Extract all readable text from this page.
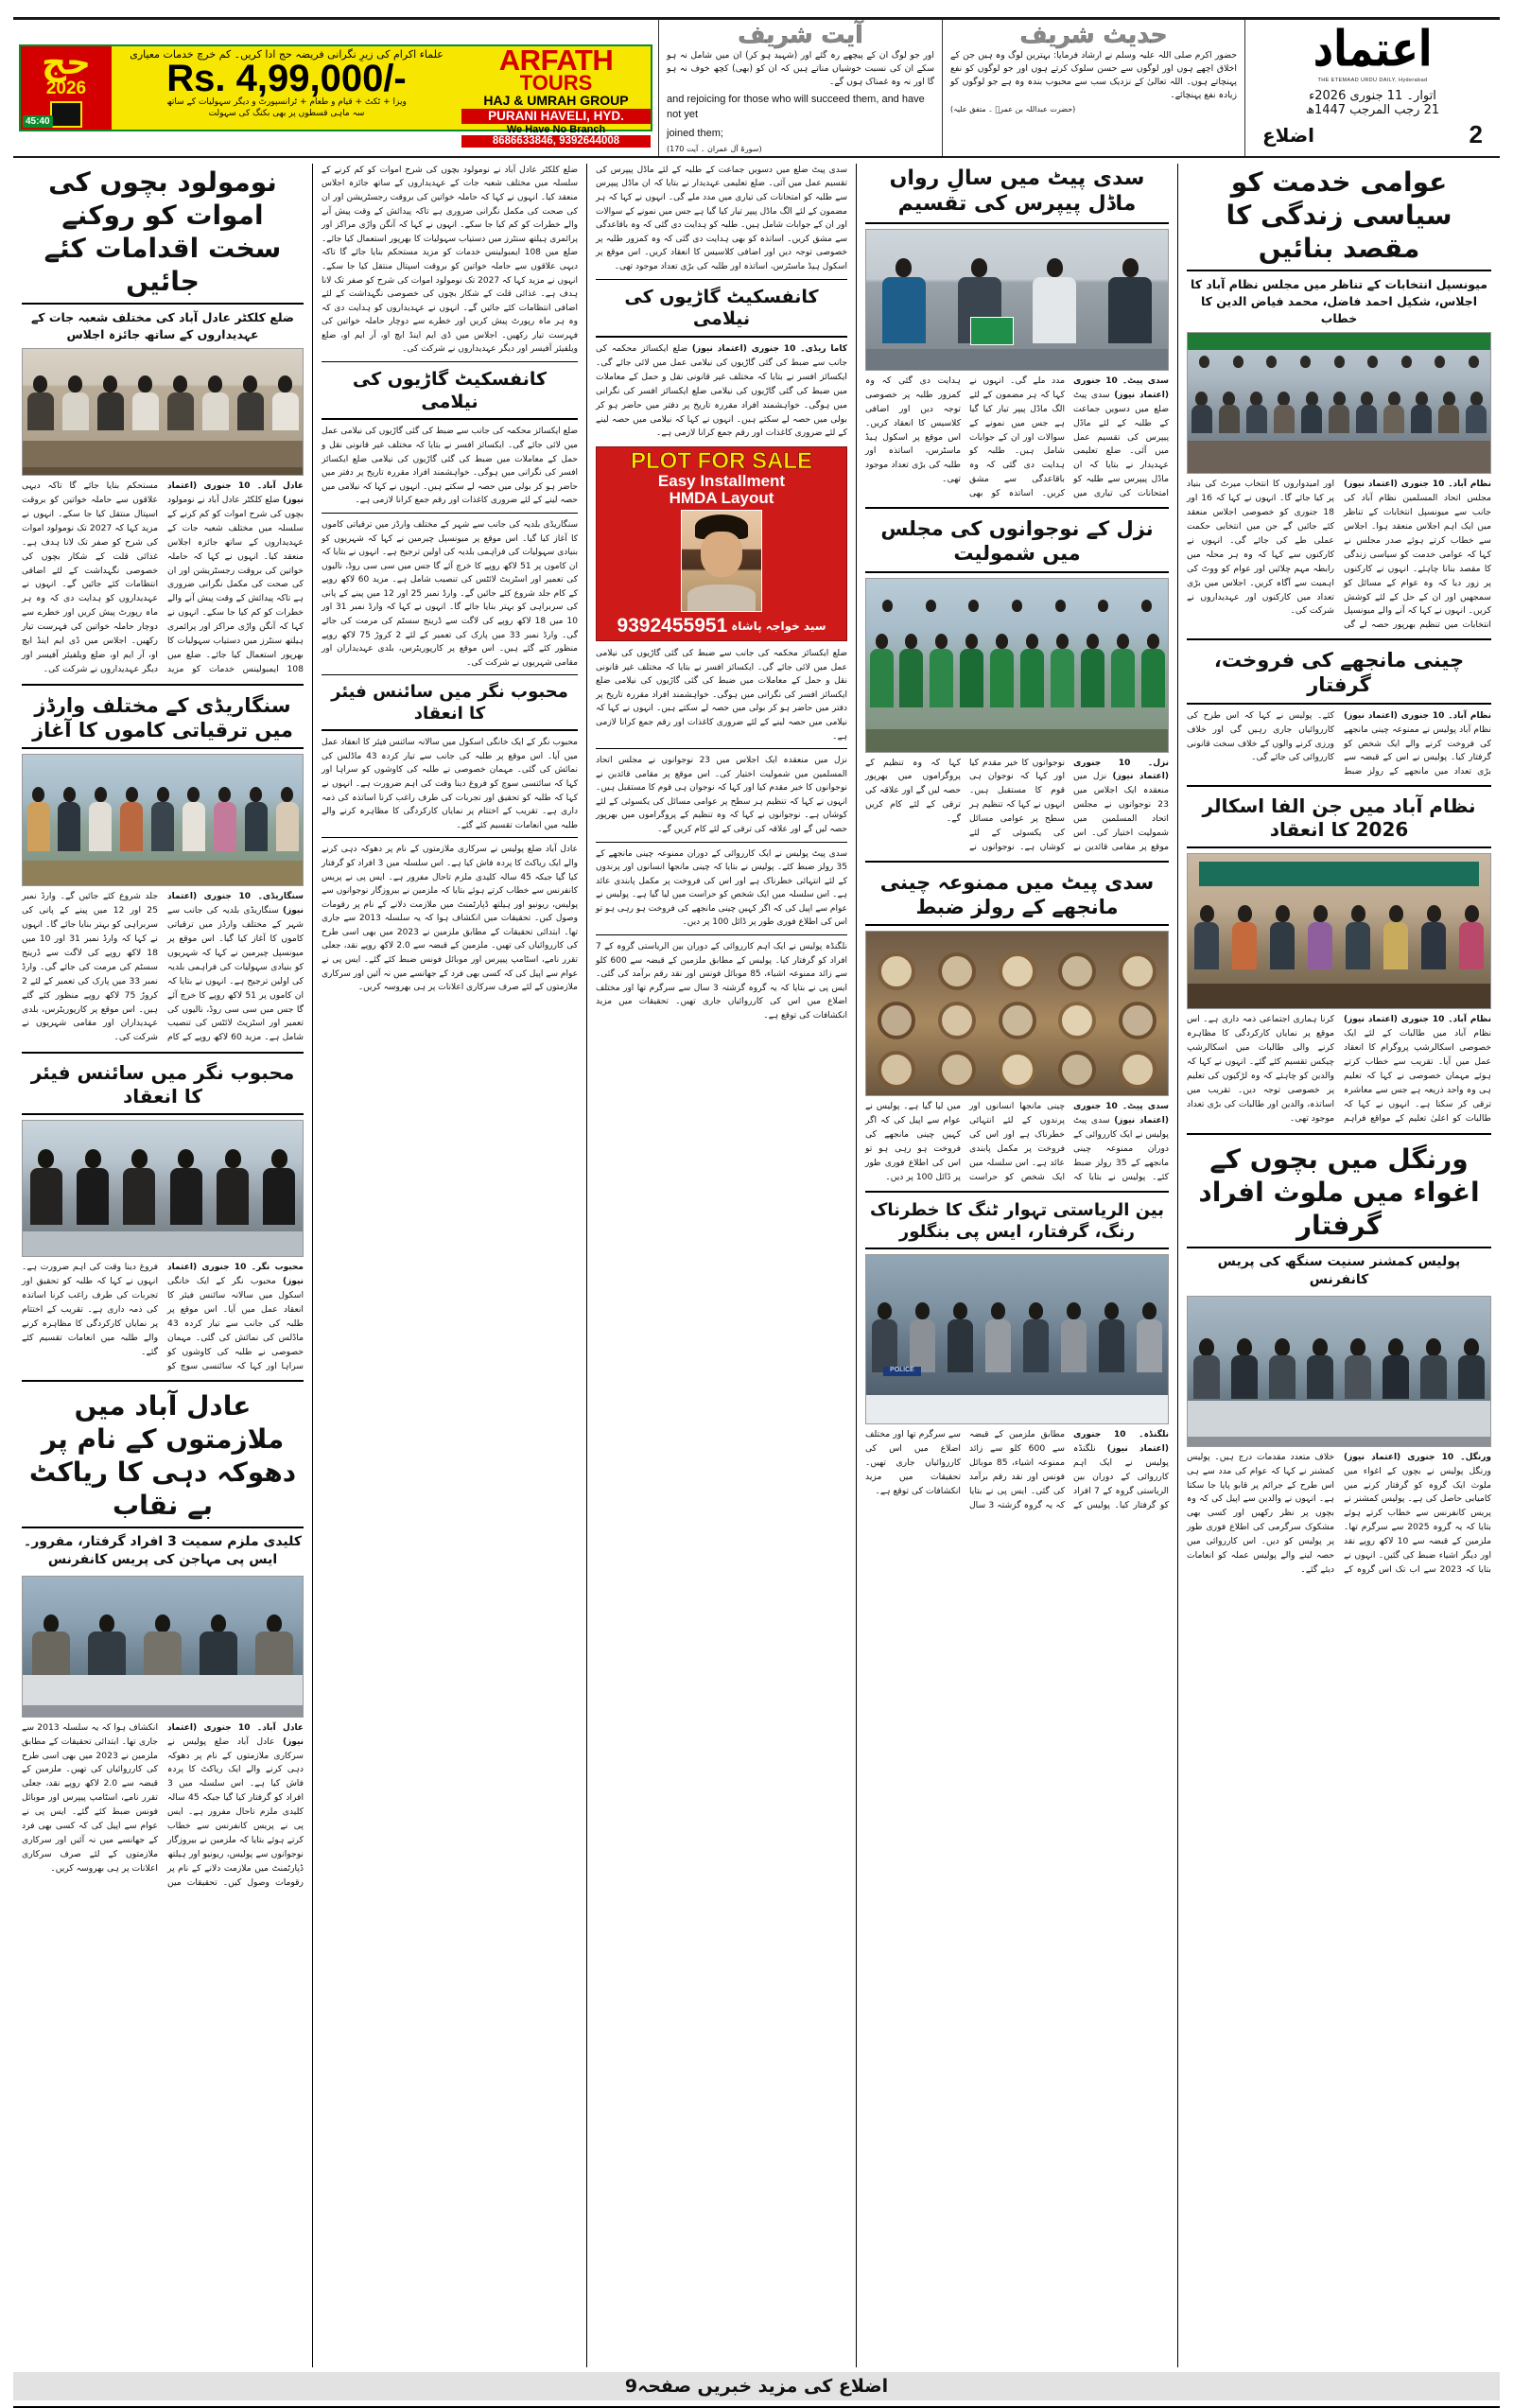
حج
2026
علماء اکرام کی زیرِ نگرانی فریضہ حج ادا کریں۔ کم خرچ خدمات معیاری
Rs. 4,99,000/-
ویزا + ٹکٹ + قیام و طعام + ٹرانسپورٹ و دیگر سہولیات کے ساتھ
سہ ماہی قسطوں پر بھی بکنگ کی سہولت
ARFATH
TOURS
HAJ & UMRAH GROUP
PURANI HAVELI, HYD.
We Have No Branch
8686633846, 9392644008
45:40
آیت شریف
اور جو لوگ ان کے پیچھے رہ گئے اور (شہید ہو کر) ان میں شامل نہ ہو سکے ان کی نسبت خوشیاں مناتے ہیں کہ ان کو (بھی) کچھ خوف نہ ہو گا اور نہ وہ غمناک ہوں گے۔
and rejoicing for those who will succeed them, and have not yet
joined them;
(سورۃ آل عمران ۔ آیت 170)
حدیث شریف
حضور اکرم صلی اللہ علیہ وسلم نے ارشاد فرمایا: بہترین لوگ وہ ہیں جن کے اخلاق اچھے ہوں اور لوگوں سے حسن سلوک کرتے ہوں اور جو لوگوں کو نفع پہنچاتے ہوں۔ اللہ تعالیٰ کے نزدیک سب سے محبوب بندہ وہ ہے جو لوگوں کو زیادہ نفع پہنچائے۔
(حضرت عبداللہ بن عمرؓ ۔ متفق علیہ)
اعتماد
THE ETEMAAD URDU DAILY, Hyderabad
اتوار۔ 11 جنوری 2026ء
21 رجب المرجب 1447ھ
اضلاع	2
عوامی خدمت کو سیاسی زندگی کا مقصد بنائیں
میونسپل انتخابات کے تناظر میں مجلس نظام آباد کا اجلاس، شکیل احمد فاضل، محمد فیاض الدین کا خطاب

نظام آباد۔ 10 جنوری (اعتماد نیوز) مجلس اتحاد المسلمین نظام آباد کی جانب سے میونسپل انتخابات کے تناظر میں ایک اہم اجلاس منعقد ہوا۔ اجلاس سے خطاب کرتے ہوئے صدر مجلس نے کہا کہ عوامی خدمت کو سیاسی زندگی کا مقصد بنانا چاہئے۔ انہوں نے کارکنوں پر زور دیا کہ وہ عوام کے مسائل کو سمجھیں اور ان کے حل کے لئے کوشش کریں۔ انہوں نے کہا کہ آنے والے میونسپل انتخابات میں تنظیم بھرپور حصہ لے گی اور امیدواروں کا انتخاب میرٹ کی بنیاد پر کیا جائے گا۔ انہوں نے کہا کہ 16 اور 18 جنوری کو خصوصی اجلاس منعقد کئے جائیں گے جن میں انتخابی حکمت عملی طے کی جائے گی۔ انہوں نے کارکنوں سے کہا کہ وہ ہر محلہ میں رابطہ مہم چلائیں اور عوام کو ووٹ کی اہمیت سے آگاہ کریں۔ اجلاس میں بڑی تعداد میں کارکنوں اور عہدیداروں نے شرکت کی۔

چینی مانجھے کی فروخت، گرفتار

نظام آباد۔ 10 جنوری (اعتماد نیوز) نظام آباد پولیس نے ممنوعہ چینی مانجھے کی فروخت کرنے والے ایک شخص کو گرفتار کیا۔ پولیس نے اس کے قبضہ سے بڑی تعداد میں مانجھے کے رولز ضبط کئے۔ پولیس نے کہا کہ اس طرح کی کارروائیاں جاری رہیں گی اور خلاف ورزی کرنے والوں کے خلاف سخت قانونی کارروائی کی جائے گی۔

نظام آباد میں جن الفا اسکالر 2026 کا انعقاد

نظام آباد۔ 10 جنوری (اعتماد نیوز) نظام آباد میں طالبات کے لئے ایک خصوصی اسکالرشپ پروگرام کا انعقاد عمل میں آیا۔ تقریب سے خطاب کرتے ہوئے مہمان خصوصی نے کہا کہ تعلیم ہی وہ واحد ذریعہ ہے جس سے معاشرہ ترقی کر سکتا ہے۔ انہوں نے کہا کہ طالبات کو اعلیٰ تعلیم کے مواقع فراہم کرنا ہماری اجتماعی ذمہ داری ہے۔ اس موقع پر نمایاں کارکردگی کا مظاہرہ کرنے والی طالبات میں اسکالرشپ چیکس تقسیم کئے گئے۔ انہوں نے کہا کہ والدین کو چاہئے کہ وہ لڑکیوں کی تعلیم پر خصوصی توجہ دیں۔ تقریب میں اساتذہ، والدین اور طالبات کی بڑی تعداد موجود تھی۔

ورنگل میں بچوں کے اغواء میں ملوث افراد گرفتار
پولیس کمشنر سنیت سنگھ کی پریس کانفرنس

ورنگل۔ 10 جنوری (اعتماد نیوز) ورنگل پولیس نے بچوں کے اغواء میں ملوث ایک گروہ کو گرفتار کرنے میں کامیابی حاصل کی ہے۔ پولیس کمشنر نے پریس کانفرنس سے خطاب کرتے ہوئے بتایا کہ یہ گروہ 2025 سے سرگرم تھا۔ ملزمین کے قبضہ سے 10 لاکھ روپے نقد اور دیگر اشیاء ضبط کی گئیں۔ انہوں نے بتایا کہ 2023 سے اب تک اس گروہ کے خلاف متعدد مقدمات درج ہیں۔ پولیس کمشنر نے کہا کہ عوام کی مدد سے ہی اس طرح کے جرائم پر قابو پایا جا سکتا ہے۔ انہوں نے والدین سے اپیل کی کہ وہ بچوں پر نظر رکھیں اور کسی بھی مشکوک سرگرمی کی اطلاع فوری طور پر پولیس کو دیں۔ اس کارروائی میں حصہ لینے والے پولیس عملہ کو انعامات دیئے گئے۔

سدی پیٹ میں سالِ رواں ماڈل پیپرس کی تقسیم

سدی پیٹ۔ 10 جنوری (اعتماد نیوز) سدی پیٹ ضلع میں دسویں جماعت کے طلبہ کے لئے ماڈل پیپرس کی تقسیم عمل میں آئی۔ ضلع تعلیمی عہدیدار نے بتایا کہ ان ماڈل پیپرس سے طلبہ کو امتحانات کی تیاری میں مدد ملے گی۔ انہوں نے کہا کہ ہر مضمون کے لئے الگ ماڈل پیپر تیار کیا گیا ہے جس میں نمونے کے سوالات اور ان کے جوابات شامل ہیں۔ طلبہ کو ہدایت دی گئی کہ وہ باقاعدگی سے مشق کریں۔ اساتذہ کو بھی ہدایت دی گئی کہ وہ کمزور طلبہ پر خصوصی توجہ دیں اور اضافی کلاسیس کا انعقاد کریں۔ اس موقع پر اسکول ہیڈ ماسٹرس، اساتذہ اور طلبہ کی بڑی تعداد موجود تھی۔

نزل کے نوجوانوں کی مجلس میں شمولیت

نزل۔ 10 جنوری (اعتماد نیوز) نزل میں منعقدہ ایک اجلاس میں 23 نوجوانوں نے مجلس اتحاد المسلمین میں شمولیت اختیار کی۔ اس موقع پر مقامی قائدین نے نوجوانوں کا خیر مقدم کیا اور کہا کہ نوجوان ہی قوم کا مستقبل ہیں۔ انہوں نے کہا کہ تنظیم ہر سطح پر عوامی مسائل کی یکسوئی کے لئے کوشاں ہے۔ نوجوانوں نے کہا کہ وہ تنظیم کے پروگراموں میں بھرپور حصہ لیں گے اور علاقہ کی ترقی کے لئے کام کریں گے۔

سدی پیٹ میں ممنوعہ چینی مانجھے کے رولز ضبط

سدی پیٹ۔ 10 جنوری (اعتماد نیوز) سدی پیٹ پولیس نے ایک کارروائی کے دوران ممنوعہ چینی مانجھے کے 35 رولز ضبط کئے۔ پولیس نے بتایا کہ چینی مانجھا انسانوں اور پرندوں کے لئے انتہائی خطرناک ہے اور اس کی فروخت پر مکمل پابندی عائد ہے۔ اس سلسلہ میں ایک شخص کو حراست میں لیا گیا ہے۔ پولیس نے عوام سے اپیل کی کہ اگر کہیں چینی مانجھے کی فروخت ہو رہی ہو تو اس کی اطلاع فوری طور پر ڈائل 100 پر دیں۔

بین الریاستی تہوار ٹنگ کا خطرناک رنگ، گرفتار، ایس پی بنگلور
POLICE

نلگنڈہ۔ 10 جنوری (اعتماد نیوز) نلگنڈہ پولیس نے ایک اہم کارروائی کے دوران بین الریاستی گروہ کے 7 افراد کو گرفتار کیا۔ پولیس کے مطابق ملزمین کے قبضہ سے 600 کلو سے زائد ممنوعہ اشیاء، 85 موبائل فونس اور نقد رقم برآمد کی گئی۔ ایس پی نے بتایا کہ یہ گروہ گزشتہ 3 سال سے سرگرم تھا اور مختلف اضلاع میں اس کی کارروائیاں جاری تھیں۔ تحقیقات میں مزید انکشافات کی توقع ہے۔

سدی پیٹ ضلع میں دسویں جماعت کے طلبہ کے لئے ماڈل پیپرس کی تقسیم عمل میں آئی۔ ضلع تعلیمی عہدیدار نے بتایا کہ ان ماڈل پیپرس سے طلبہ کو امتحانات کی تیاری میں مدد ملے گی۔ انہوں نے کہا کہ ہر مضمون کے لئے الگ ماڈل پیپر تیار کیا گیا ہے جس میں نمونے کے سوالات اور ان کے جوابات شامل ہیں۔ طلبہ کو ہدایت دی گئی کہ وہ باقاعدگی سے مشق کریں۔ اساتذہ کو بھی ہدایت دی گئی کہ وہ کمزور طلبہ پر خصوصی توجہ دیں اور اضافی کلاسیس کا انعقاد کریں۔ اس موقع پر اسکول ہیڈ ماسٹرس، اساتذہ اور طلبہ کی بڑی تعداد موجود تھی۔

کانفسکیٹ گاڑیوں کی نیلامی

کاما ریڈی۔ 10 جنوری (اعتماد نیوز) ضلع ایکسائز محکمہ کی جانب سے ضبط کی گئی گاڑیوں کی نیلامی عمل میں لائی جائے گی۔ ایکسائز افسر نے بتایا کہ مختلف غیر قانونی نقل و حمل کے معاملات میں ضبط کی گئی گاڑیوں کی نیلامی ضلع ایکسائز افسر کی نگرانی میں ہوگی۔ خواہشمند افراد مقررہ تاریخ پر دفتر میں حاضر ہو کر بولی میں حصہ لے سکتے ہیں۔ انہوں نے کہا کہ نیلامی میں حصہ لینے کے لئے ضروری کاغذات اور رقم جمع کرانا لازمی ہے۔

PLOT FOR SALE
Easy Installment
HMDA Layout
9392455951 سید خواجہ پاشاہ

ضلع ایکسائز محکمہ کی جانب سے ضبط کی گئی گاڑیوں کی نیلامی عمل میں لائی جائے گی۔ ایکسائز افسر نے بتایا کہ مختلف غیر قانونی نقل و حمل کے معاملات میں ضبط کی گئی گاڑیوں کی نیلامی ضلع ایکسائز افسر کی نگرانی میں ہوگی۔ خواہشمند افراد مقررہ تاریخ پر دفتر میں حاضر ہو کر بولی میں حصہ لے سکتے ہیں۔ انہوں نے کہا کہ نیلامی میں حصہ لینے کے لئے ضروری کاغذات اور رقم جمع کرانا لازمی ہے۔

نزل میں منعقدہ ایک اجلاس میں 23 نوجوانوں نے مجلس اتحاد المسلمین میں شمولیت اختیار کی۔ اس موقع پر مقامی قائدین نے نوجوانوں کا خیر مقدم کیا اور کہا کہ نوجوان ہی قوم کا مستقبل ہیں۔ انہوں نے کہا کہ تنظیم ہر سطح پر عوامی مسائل کی یکسوئی کے لئے کوشاں ہے۔ نوجوانوں نے کہا کہ وہ تنظیم کے پروگراموں میں بھرپور حصہ لیں گے اور علاقہ کی ترقی کے لئے کام کریں گے۔

سدی پیٹ پولیس نے ایک کارروائی کے دوران ممنوعہ چینی مانجھے کے 35 رولز ضبط کئے۔ پولیس نے بتایا کہ چینی مانجھا انسانوں اور پرندوں کے لئے انتہائی خطرناک ہے اور اس کی فروخت پر مکمل پابندی عائد ہے۔ اس سلسلہ میں ایک شخص کو حراست میں لیا گیا ہے۔ پولیس نے عوام سے اپیل کی کہ اگر کہیں چینی مانجھے کی فروخت ہو رہی ہو تو اس کی اطلاع فوری طور پر ڈائل 100 پر دیں۔

نلگنڈہ پولیس نے ایک اہم کارروائی کے دوران بین الریاستی گروہ کے 7 افراد کو گرفتار کیا۔ پولیس کے مطابق ملزمین کے قبضہ سے 600 کلو سے زائد ممنوعہ اشیاء، 85 موبائل فونس اور نقد رقم برآمد کی گئی۔ ایس پی نے بتایا کہ یہ گروہ گزشتہ 3 سال سے سرگرم تھا اور مختلف اضلاع میں اس کی کارروائیاں جاری تھیں۔ تحقیقات میں مزید انکشافات کی توقع ہے۔

ضلع کلکٹر عادل آباد نے نومولود بچوں کی شرح اموات کو کم کرنے کے سلسلہ میں مختلف شعبہ جات کے عہدیداروں کے ساتھ جائزہ اجلاس منعقد کیا۔ انہوں نے کہا کہ حاملہ خواتین کی بروقت رجسٹریشن اور ان کی صحت کی مکمل نگرانی ضروری ہے تاکہ پیدائش کے وقت پیش آنے والے خطرات کو کم کیا جا سکے۔ انہوں نے کہا کہ آنگن واڑی مراکز اور پرائمری ہیلتھ سنٹرز میں دستیاب سہولیات کا بھرپور استعمال کیا جائے۔ ضلع میں 108 ایمبولینس خدمات کو مزید مستحکم بنایا جائے گا تاکہ دیہی علاقوں سے حاملہ خواتین کو بروقت اسپتال منتقل کیا جا سکے۔ انہوں نے مزید کہا کہ 2027 تک نومولود اموات کی شرح کو صفر تک لانا ہدف ہے۔ غذائی قلت کے شکار بچوں کی خصوصی نگہداشت کے لئے اضافی انتظامات کئے جائیں گے۔ انہوں نے عہدیداروں کو ہدایت دی کہ وہ ہر ماہ رپورٹ پیش کریں اور خطرے سے دوچار حاملہ خواتین کی فہرست تیار رکھیں۔ اجلاس میں ڈی ایم اینڈ ایچ او، آر ایم او، ضلع ویلفیئر آفیسر اور دیگر عہدیداروں نے شرکت کی۔

کانفسکیٹ گاڑیوں کی نیلامی

ضلع ایکسائز محکمہ کی جانب سے ضبط کی گئی گاڑیوں کی نیلامی عمل میں لائی جائے گی۔ ایکسائز افسر نے بتایا کہ مختلف غیر قانونی نقل و حمل کے معاملات میں ضبط کی گئی گاڑیوں کی نیلامی ضلع ایکسائز افسر کی نگرانی میں ہوگی۔ خواہشمند افراد مقررہ تاریخ پر دفتر میں حاضر ہو کر بولی میں حصہ لے سکتے ہیں۔ انہوں نے کہا کہ نیلامی میں حصہ لینے کے لئے ضروری کاغذات اور رقم جمع کرانا لازمی ہے۔

سنگاریڈی بلدیہ کی جانب سے شہر کے مختلف وارڈز میں ترقیاتی کاموں کا آغاز کیا گیا۔ اس موقع پر میونسپل چیرمین نے کہا کہ شہریوں کو بنیادی سہولیات کی فراہمی بلدیہ کی اولین ترجیح ہے۔ انہوں نے بتایا کہ ان کاموں پر 51 لاکھ روپے کا خرچ آئے گا جس میں سی سی روڈ، نالیوں کی تعمیر اور اسٹریٹ لائٹس کی تنصیب شامل ہے۔ مزید 60 لاکھ روپے کے کام جلد شروع کئے جائیں گے۔ وارڈ نمبر 25 اور 12 میں پینے کے پانی کی سربراہی کو بہتر بنایا جائے گا۔ انہوں نے کہا کہ وارڈ نمبر 31 اور 10 میں 18 لاکھ روپے کی لاگت سے ڈرینج سسٹم کی مرمت کی جائے گی۔ وارڈ نمبر 33 میں پارک کی تعمیر کے لئے 2 کروڑ 75 لاکھ روپے منظور کئے گئے ہیں۔ اس موقع پر کارپوریٹرس، بلدی عہدیداران اور مقامی شہریوں نے شرکت کی۔

محبوب نگر میں سائنس فیئر کا انعقاد

محبوب نگر کے ایک خانگی اسکول میں سالانہ سائنس فیئر کا انعقاد عمل میں آیا۔ اس موقع پر طلبہ کی جانب سے تیار کردہ 43 ماڈلس کی نمائش کی گئی۔ مہمان خصوصی نے طلبہ کی کاوشوں کو سراہا اور کہا کہ سائنسی سوچ کو فروغ دینا وقت کی اہم ضرورت ہے۔ انہوں نے کہا کہ طلبہ کو تحقیق اور تجربات کی طرف راغب کرنا اساتذہ کی ذمہ داری ہے۔ تقریب کے اختتام پر نمایاں کارکردگی کا مظاہرہ کرنے والے طلبہ میں انعامات تقسیم کئے گئے۔

عادل آباد ضلع پولیس نے سرکاری ملازمتوں کے نام پر دھوکہ دہی کرنے والے ایک ریاکٹ کا پردہ فاش کیا ہے۔ اس سلسلہ میں 3 افراد کو گرفتار کیا گیا جبکہ 45 سالہ کلیدی ملزم تاحال مفرور ہے۔ ایس پی نے پریس کانفرنس سے خطاب کرتے ہوئے بتایا کہ ملزمین نے بیروزگار نوجوانوں سے پولیس، ریونیو اور ہیلتھ ڈپارٹمنٹ میں ملازمت دلانے کے نام پر رقومات وصول کیں۔ تحقیقات میں انکشاف ہوا کہ یہ سلسلہ 2013 سے جاری تھا۔ ابتدائی تحقیقات کے مطابق ملزمین نے 2023 میں بھی اسی طرح کی کارروائیاں کی تھیں۔ ملزمین کے قبضہ سے 2.0 لاکھ روپے نقد، جعلی تقرر نامے، اسٹامپ پیپرس اور موبائل فونس ضبط کئے گئے۔ ایس پی نے عوام سے اپیل کی کہ کسی بھی فرد کے جھانسے میں نہ آئیں اور سرکاری ملازمتوں کے لئے صرف سرکاری اعلانات پر ہی بھروسہ کریں۔

نومولود بچوں کی اموات کو روکنے سخت اقدامات کئے جائیں
ضلع کلکٹر عادل آباد کی مختلف شعبہ جات کے عہدیداروں کے ساتھ جائزہ اجلاس

عادل آباد۔ 10 جنوری (اعتماد نیوز) ضلع کلکٹر عادل آباد نے نومولود بچوں کی شرح اموات کو کم کرنے کے سلسلہ میں مختلف شعبہ جات کے عہدیداروں کے ساتھ جائزہ اجلاس منعقد کیا۔ انہوں نے کہا کہ حاملہ خواتین کی بروقت رجسٹریشن اور ان کی صحت کی مکمل نگرانی ضروری ہے تاکہ پیدائش کے وقت پیش آنے والے خطرات کو کم کیا جا سکے۔ انہوں نے کہا کہ آنگن واڑی مراکز اور پرائمری ہیلتھ سنٹرز میں دستیاب سہولیات کا بھرپور استعمال کیا جائے۔ ضلع میں 108 ایمبولینس خدمات کو مزید مستحکم بنایا جائے گا تاکہ دیہی علاقوں سے حاملہ خواتین کو بروقت اسپتال منتقل کیا جا سکے۔ انہوں نے مزید کہا کہ 2027 تک نومولود اموات کی شرح کو صفر تک لانا ہدف ہے۔ غذائی قلت کے شکار بچوں کی خصوصی نگہداشت کے لئے اضافی انتظامات کئے جائیں گے۔ انہوں نے عہدیداروں کو ہدایت دی کہ وہ ہر ماہ رپورٹ پیش کریں اور خطرے سے دوچار حاملہ خواتین کی فہرست تیار رکھیں۔ اجلاس میں ڈی ایم اینڈ ایچ او، آر ایم او، ضلع ویلفیئر آفیسر اور دیگر عہدیداروں نے شرکت کی۔

سنگاریڈی کے مختلف وارڈز میں ترقیاتی کاموں کا آغاز

سنگاریڈی۔ 10 جنوری (اعتماد نیوز) سنگاریڈی بلدیہ کی جانب سے شہر کے مختلف وارڈز میں ترقیاتی کاموں کا آغاز کیا گیا۔ اس موقع پر میونسپل چیرمین نے کہا کہ شہریوں کو بنیادی سہولیات کی فراہمی بلدیہ کی اولین ترجیح ہے۔ انہوں نے بتایا کہ ان کاموں پر 51 لاکھ روپے کا خرچ آئے گا جس میں سی سی روڈ، نالیوں کی تعمیر اور اسٹریٹ لائٹس کی تنصیب شامل ہے۔ مزید 60 لاکھ روپے کے کام جلد شروع کئے جائیں گے۔ وارڈ نمبر 25 اور 12 میں پینے کے پانی کی سربراہی کو بہتر بنایا جائے گا۔ انہوں نے کہا کہ وارڈ نمبر 31 اور 10 میں 18 لاکھ روپے کی لاگت سے ڈرینج سسٹم کی مرمت کی جائے گی۔ وارڈ نمبر 33 میں پارک کی تعمیر کے لئے 2 کروڑ 75 لاکھ روپے منظور کئے گئے ہیں۔ اس موقع پر کارپوریٹرس، بلدی عہدیداران اور مقامی شہریوں نے شرکت کی۔

محبوب نگر میں سائنس فیئر کا انعقاد

محبوب نگر۔ 10 جنوری (اعتماد نیوز) محبوب نگر کے ایک خانگی اسکول میں سالانہ سائنس فیئر کا انعقاد عمل میں آیا۔ اس موقع پر طلبہ کی جانب سے تیار کردہ 43 ماڈلس کی نمائش کی گئی۔ مہمان خصوصی نے طلبہ کی کاوشوں کو سراہا اور کہا کہ سائنسی سوچ کو فروغ دینا وقت کی اہم ضرورت ہے۔ انہوں نے کہا کہ طلبہ کو تحقیق اور تجربات کی طرف راغب کرنا اساتذہ کی ذمہ داری ہے۔ تقریب کے اختتام پر نمایاں کارکردگی کا مظاہرہ کرنے والے طلبہ میں انعامات تقسیم کئے گئے۔

عادل آباد میں ملازمتوں کے نام پر دھوکہ دہی کا ریاکٹ بے نقاب
کلیدی ملزم سمیت 3 افراد گرفتار، مفرور۔ ایس پی مہاجن کی پریس کانفرنس

عادل آباد۔ 10 جنوری (اعتماد نیوز) عادل آباد ضلع پولیس نے سرکاری ملازمتوں کے نام پر دھوکہ دہی کرنے والے ایک ریاکٹ کا پردہ فاش کیا ہے۔ اس سلسلہ میں 3 افراد کو گرفتار کیا گیا جبکہ 45 سالہ کلیدی ملزم تاحال مفرور ہے۔ ایس پی نے پریس کانفرنس سے خطاب کرتے ہوئے بتایا کہ ملزمین نے بیروزگار نوجوانوں سے پولیس، ریونیو اور ہیلتھ ڈپارٹمنٹ میں ملازمت دلانے کے نام پر رقومات وصول کیں۔ تحقیقات میں انکشاف ہوا کہ یہ سلسلہ 2013 سے جاری تھا۔ ابتدائی تحقیقات کے مطابق ملزمین نے 2023 میں بھی اسی طرح کی کارروائیاں کی تھیں۔ ملزمین کے قبضہ سے 2.0 لاکھ روپے نقد، جعلی تقرر نامے، اسٹامپ پیپرس اور موبائل فونس ضبط کئے گئے۔ ایس پی نے عوام سے اپیل کی کہ کسی بھی فرد کے جھانسے میں نہ آئیں اور سرکاری ملازمتوں کے لئے صرف سرکاری اعلانات پر ہی بھروسہ کریں۔

اضلاع کی مزید خبریں صفحہ9
